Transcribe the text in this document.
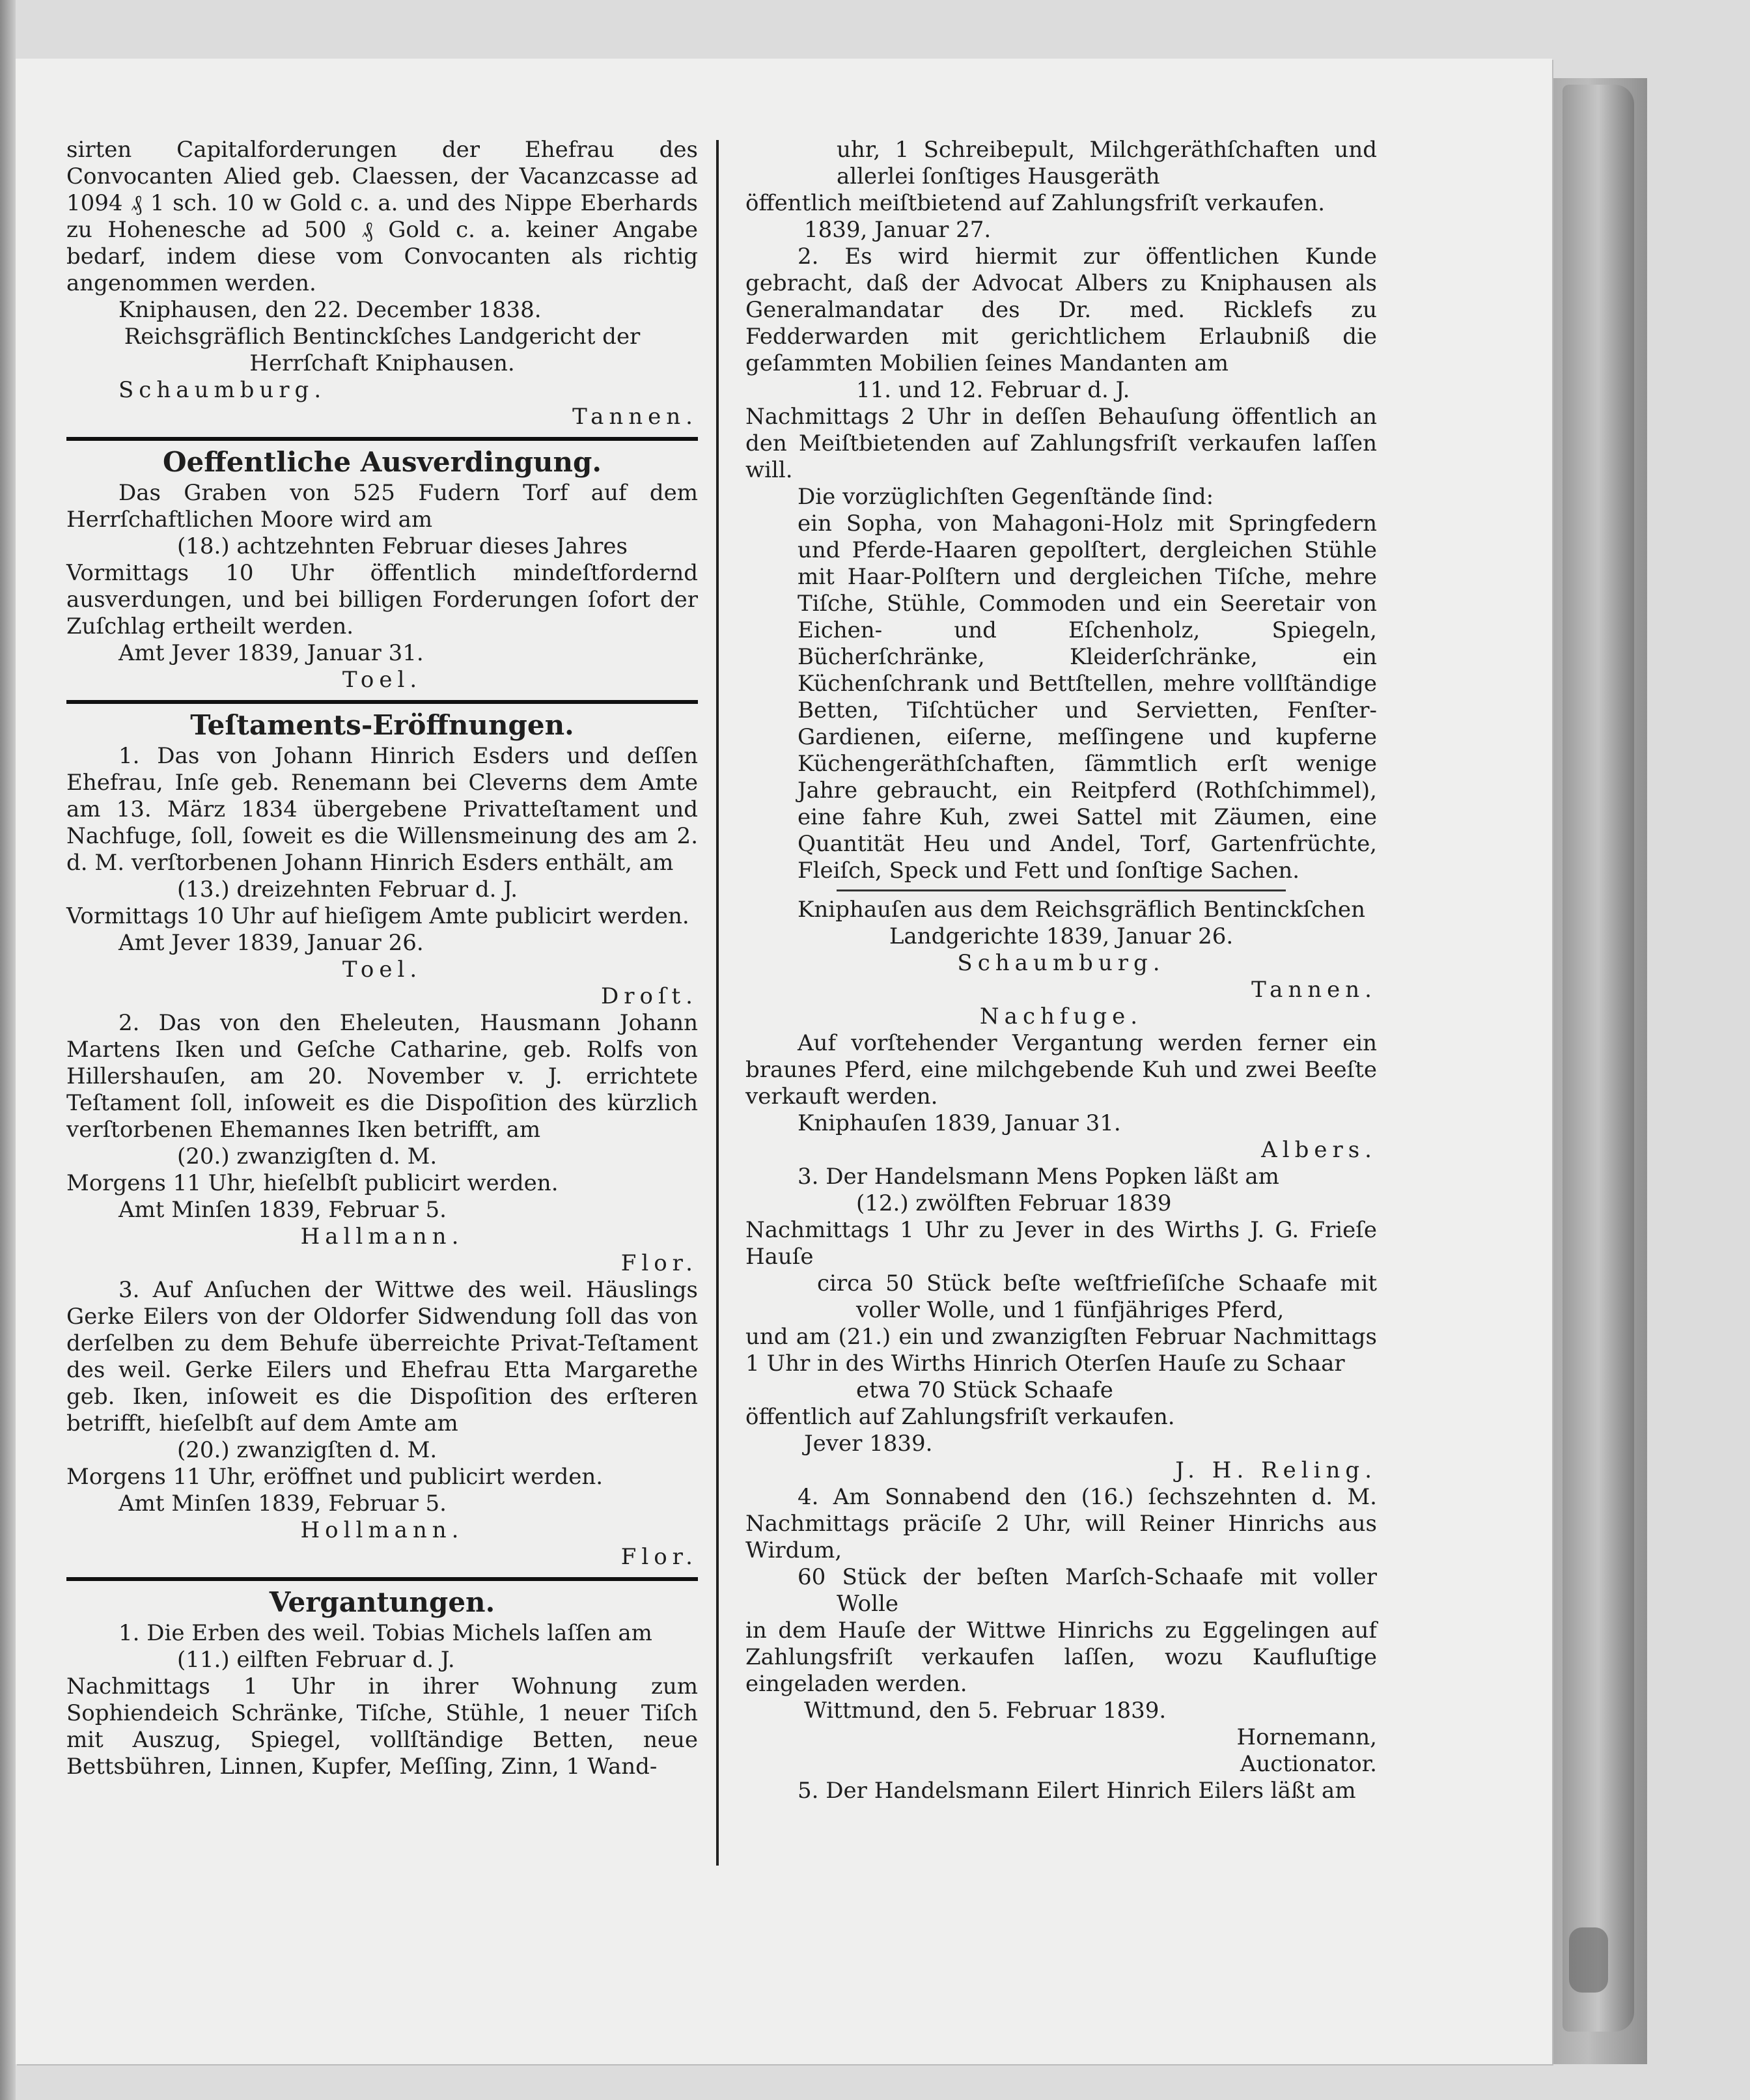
sirten Capitalforderungen der Ehefrau des Convocanten Alied geb. Claessen, der Vacanzcasse ad 1094 ₰ 1 sch. 10 w Gold c. a. und des Nippe Eberhards zu Hohenesche ad 500 ₰ Gold c. a. keiner Angabe bedarf, indem diese vom Convocanten als richtig angenommen werden.

Kniphausen, den 22. December 1838.

Reichsgräflich Bentinckſches Landgericht der

Herrſchaft Kniphausen.

Schaumburg.

Tannen.

Oeffentliche Ausverdingung.

Das Graben von 525 Fudern Torf auf dem Herrſchaftlichen Moore wird am

(18.) achtzehnten Februar dieses Jahres

Vormittags 10 Uhr öffentlich mindeſtfordernd ausverdungen, und bei billigen Forderungen ſofort der Zuſchlag ertheilt werden.

Amt Jever 1839, Januar 31.

Toel.

Teſtaments-Eröffnungen.

1. Das von Johann Hinrich Esders und deſſen Ehefrau, Inſe geb. Renemann bei Cleverns dem Amte am 13. März 1834 übergebene Privatteſtament und Nachfuge, ſoll, ſoweit es die Willensmeinung des am 2. d. M. verſtorbenen Johann Hinrich Esders enthält, am

(13.) dreizehnten Februar d. J.

Vormittags 10 Uhr auf hieſigem Amte publicirt werden.

Amt Jever 1839, Januar 26.

Toel.

Droſt.

2. Das von den Eheleuten, Hausmann Johann Martens Iken und Geſche Catharine, geb. Rolfs von Hillershauſen, am 20. November v. J. errichtete Teſtament ſoll, inſoweit es die Dispoſition des kürzlich verſtorbenen Ehemannes Iken betrifft, am

(20.) zwanzigſten d. M.

Morgens 11 Uhr, hieſelbſt publicirt werden.

Amt Minſen 1839, Februar 5.

Hallmann.

Flor.

3. Auf Anſuchen der Wittwe des weil. Häuslings Gerke Eilers von der Oldorfer Sidwendung ſoll das von derſelben zu dem Behufe überreichte Privat-Teſtament des weil. Gerke Eilers und Ehefrau Etta Margarethe geb. Iken, inſoweit es die Dispoſition des erſteren betrifft, hieſelbſt auf dem Amte am

(20.) zwanzigſten d. M.

Morgens 11 Uhr, eröffnet und publicirt werden.

Amt Minſen 1839, Februar 5.

Hollmann.

Flor.

Vergantungen.

1. Die Erben des weil. Tobias Michels laſſen am

(11.) eilften Februar d. J.

Nachmittags 1 Uhr in ihrer Wohnung zum Sophiendeich Schränke, Tiſche, Stühle, 1 neuer Tiſch mit Auszug, Spiegel, vollſtändige Betten, neue Bettsbühren, Linnen, Kupfer, Meſſing, Zinn, 1 Wand-

uhr, 1 Schreibepult, Milchgeräthſchaften und allerlei ſonſtiges Hausgeräth

öffentlich meiſtbietend auf Zahlungsfriſt verkaufen.

1839, Januar 27.

2. Es wird hiermit zur öffentlichen Kunde gebracht, daß der Advocat Albers zu Kniphausen als Generalmandatar des Dr. med. Ricklefs zu Fedderwarden mit gerichtlichem Erlaubniß die geſammten Mobilien ſeines Mandanten am

11. und 12. Februar d. J.

Nachmittags 2 Uhr in deſſen Behauſung öffentlich an den Meiſtbietenden auf Zahlungsfriſt verkaufen laſſen will.

Die vorzüglichſten Gegenſtände ſind:

ein Sopha, von Mahagoni-Holz mit Springfedern und Pferde-Haaren gepolſtert, dergleichen Stühle mit Haar-Polſtern und dergleichen Tiſche, mehre Tiſche, Stühle, Commoden und ein Seeretair von Eichen- und Eſchenholz, Spiegeln, Bücherſchränke, Kleiderſchränke, ein Küchenſchrank und Bettſtellen, mehre vollſtändige Betten, Tiſchtücher und Servietten, Fenſter-Gardienen, eiſerne, meſſingene und kupferne Küchengeräthſchaften, ſämmtlich erſt wenige Jahre gebraucht, ein Reitpferd (Rothſchimmel), eine fahre Kuh, zwei Sattel mit Zäumen, eine Quantität Heu und Andel, Torf, Gartenfrüchte, Fleiſch, Speck und Fett und ſonſtige Sachen.

Kniphauſen aus dem Reichsgräflich Bentinckſchen

Landgerichte 1839, Januar 26.

Schaumburg.

Tannen.

Nachfuge.

Auf vorſtehender Vergantung werden ferner ein braunes Pferd, eine milchgebende Kuh und zwei Beeſte verkauft werden.

Kniphauſen 1839, Januar 31.

Albers.

3. Der Handelsmann Mens Popken läßt am

(12.) zwölften Februar 1839

Nachmittags 1 Uhr zu Jever in des Wirths J. G. Frieſe Hauſe

circa 50 Stück beſte weſtfrieſiſche Schaafe mit voller Wolle, und 1 fünfjähriges Pferd,

und am (21.) ein und zwanzigſten Februar Nachmittags 1 Uhr in des Wirths Hinrich Oterſen Hauſe zu Schaar

etwa 70 Stück Schaafe

öffentlich auf Zahlungsfriſt verkaufen.

Jever 1839.

J. H. Reling.

4. Am Sonnabend den (16.) ſechszehnten d. M. Nachmittags präciſe 2 Uhr, will Reiner Hinrichs aus Wirdum,

60 Stück der beſten Marſch-Schaafe mit voller Wolle

in dem Hauſe der Wittwe Hinrichs zu Eggelingen auf Zahlungsfriſt verkaufen laſſen, wozu Kaufluſtige eingeladen werden.

Wittmund, den 5. Februar 1839.

Hornemann,

Auctionator.

5. Der Handelsmann Eilert Hinrich Eilers läßt am
